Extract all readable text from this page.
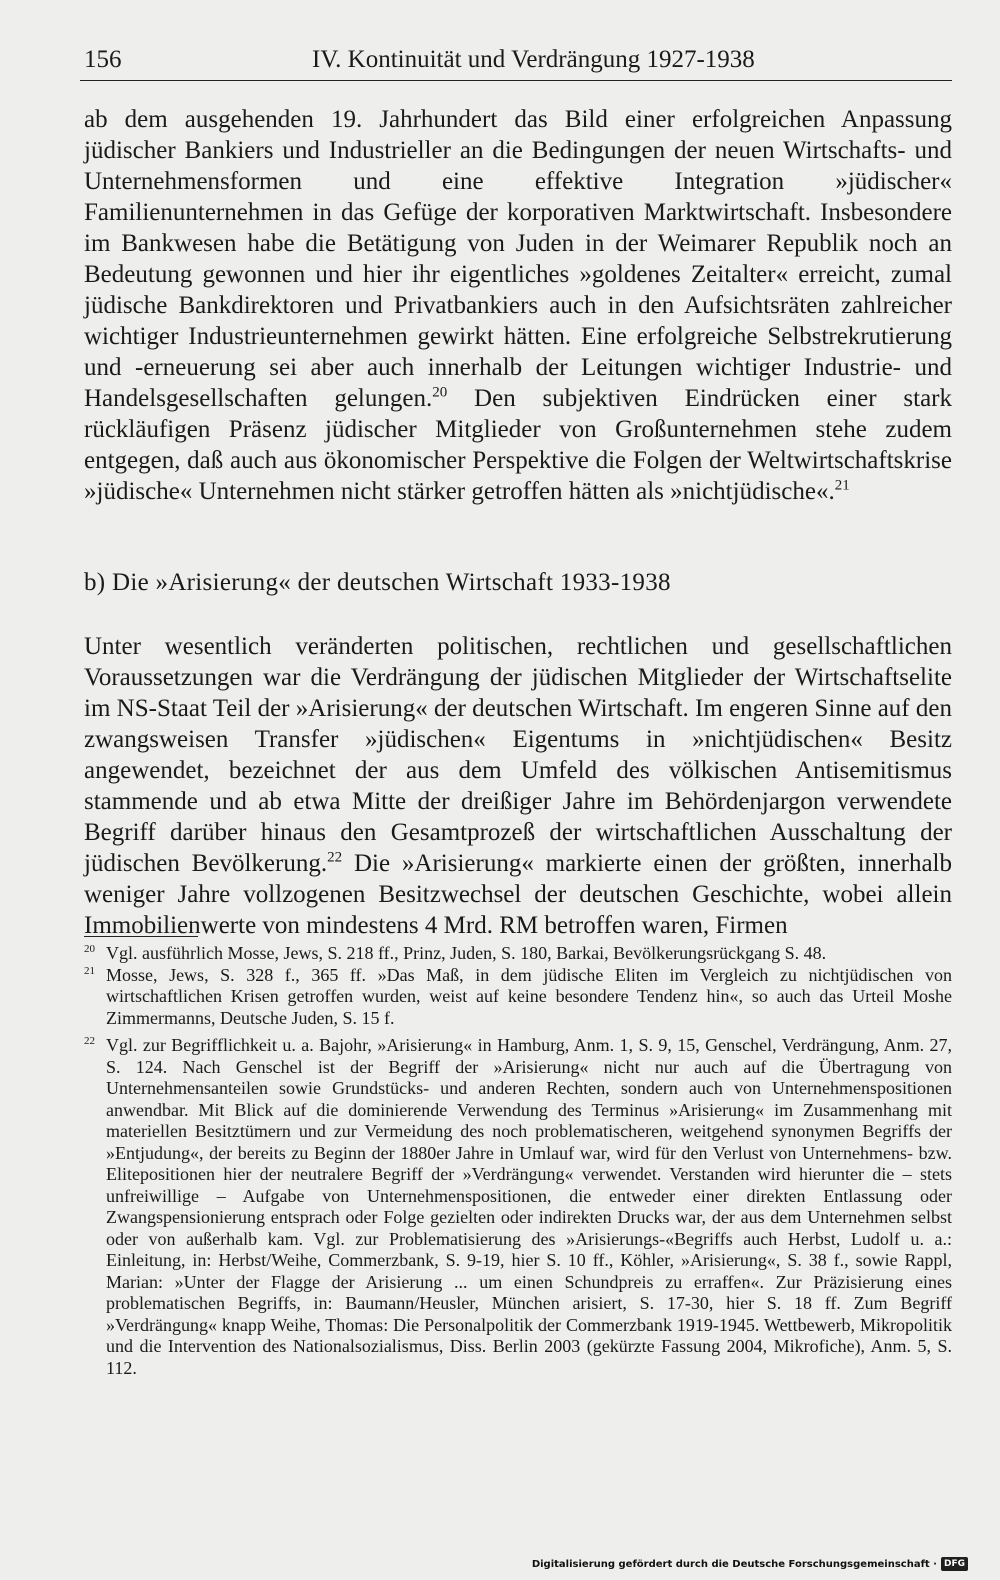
156	IV. Kontinuität und Verdrängung 1927-1938

ab dem ausgehenden 19. Jahrhundert das Bild einer erfolgreichen Anpassung jüdischer Bankiers und Industrieller an die Bedingungen der neuen Wirtschafts- und Unternehmensformen und eine effektive Integration »jüdischer« Familienunternehmen in das Gefüge der korporativen Marktwirtschaft. Insbesondere im Bankwesen habe die Betätigung von Juden in der Weimarer Republik noch an Bedeutung gewonnen und hier ihr eigentliches »goldenes Zeitalter« erreicht, zumal jüdische Bankdirektoren und Privatbankiers auch in den Aufsichtsräten zahlreicher wichtiger Industrieunternehmen gewirkt hätten. Eine erfolgreiche Selbstrekrutierung und -erneuerung sei aber auch innerhalb der Leitungen wichtiger Industrie- und Handelsgesellschaften gelungen.$^{20}$ Den subjektiven Eindrücken einer stark rückläufigen Präsenz jüdischer Mitglieder von Großunternehmen stehe zudem entgegen, daß auch aus ökonomischer Perspektive die Folgen der Weltwirtschaftskrise »jüdische« Unternehmen nicht stärker getroffen hätten als »nichtjüdische«.$^{21}$

b) Die »Arisierung« der deutschen Wirtschaft 1933-1938

Unter wesentlich veränderten politischen, rechtlichen und gesellschaftlichen Voraussetzungen war die Verdrängung der jüdischen Mitglieder der Wirtschaftselite im NS-Staat Teil der »Arisierung« der deutschen Wirtschaft. Im engeren Sinne auf den zwangsweisen Transfer »jüdischen« Eigentums in »nichtjüdischen« Besitz angewendet, bezeichnet der aus dem Umfeld des völkischen Antisemitismus stammende und ab etwa Mitte der dreißiger Jahre im Behördenjargon verwendete Begriff darüber hinaus den Gesamtprozeß der wirtschaftlichen Ausschaltung der jüdischen Bevölkerung.$^{22}$ Die »Arisierung« markierte einen der größten, innerhalb weniger Jahre vollzogenen Besitzwechsel der deutschen Geschichte, wobei allein Immobilienwerte von mindestens 4 Mrd. RM betroffen waren, Firmen

20 Vgl. ausführlich Mosse, Jews, S. 218 ff., Prinz, Juden, S. 180, Barkai, Bevölkerungsrückgang S. 48.

21 Mosse, Jews, S. 328 f., 365 ff. »Das Maß, in dem jüdische Eliten im Vergleich zu nichtjüdischen von wirtschaftlichen Krisen getroffen wurden, weist auf keine besondere Tendenz hin«, so auch das Urteil Moshe Zimmermanns, Deutsche Juden, S. 15 f.

22 Vgl. zur Begrifflichkeit u. a. Bajohr, »Arisierung« in Hamburg, Anm. 1, S. 9, 15, Genschel, Verdrängung, Anm. 27, S. 124. Nach Genschel ist der Begriff der »Arisierung« nicht nur auch auf die Übertragung von Unternehmensanteilen sowie Grundstücks- und anderen Rechten, sondern auch von Unternehmenspositionen anwendbar. Mit Blick auf die dominierende Verwendung des Terminus »Arisierung« im Zusammenhang mit materiellen Besitztümern und zur Vermeidung des noch problematischeren, weitgehend synonymen Begriffs der »Entjudung«, der bereits zu Beginn der 1880er Jahre in Umlauf war, wird für den Verlust von Unternehmens- bzw. Elitepositionen hier der neutralere Begriff der »Verdrängung« verwendet. Verstanden wird hierunter die – stets unfreiwillige – Aufgabe von Unternehmenspositionen, die entweder einer direkten Entlassung oder Zwangspensionierung entsprach oder Folge gezielten oder indirekten Drucks war, der aus dem Unternehmen selbst oder von außerhalb kam. Vgl. zur Problematisierung des »Arisierungs-«Begriffs auch Herbst, Ludolf u. a.: Einleitung, in: Herbst/Weihe, Commerzbank, S. 9-19, hier S. 10 ff., Köhler, »Arisierung«, S. 38 f., sowie Rappl, Marian: »Unter der Flagge der Arisierung ... um einen Schundpreis zu erraffen«. Zur Präzisierung eines problematischen Begriffs, in: Baumann/Heusler, München arisiert, S. 17-30, hier S. 18 ff. Zum Begriff »Verdrängung« knapp Weihe, Thomas: Die Personalpolitik der Commerzbank 1919-1945. Wettbewerb, Mikropolitik und die Intervention des Nationalsozialismus, Diss. Berlin 2003 (gekürzte Fassung 2004, Mikrofiche), Anm. 5, S. 112.

Digitalisierung gefördert durch die Deutsche Forschungsgemeinschaft · DFG
